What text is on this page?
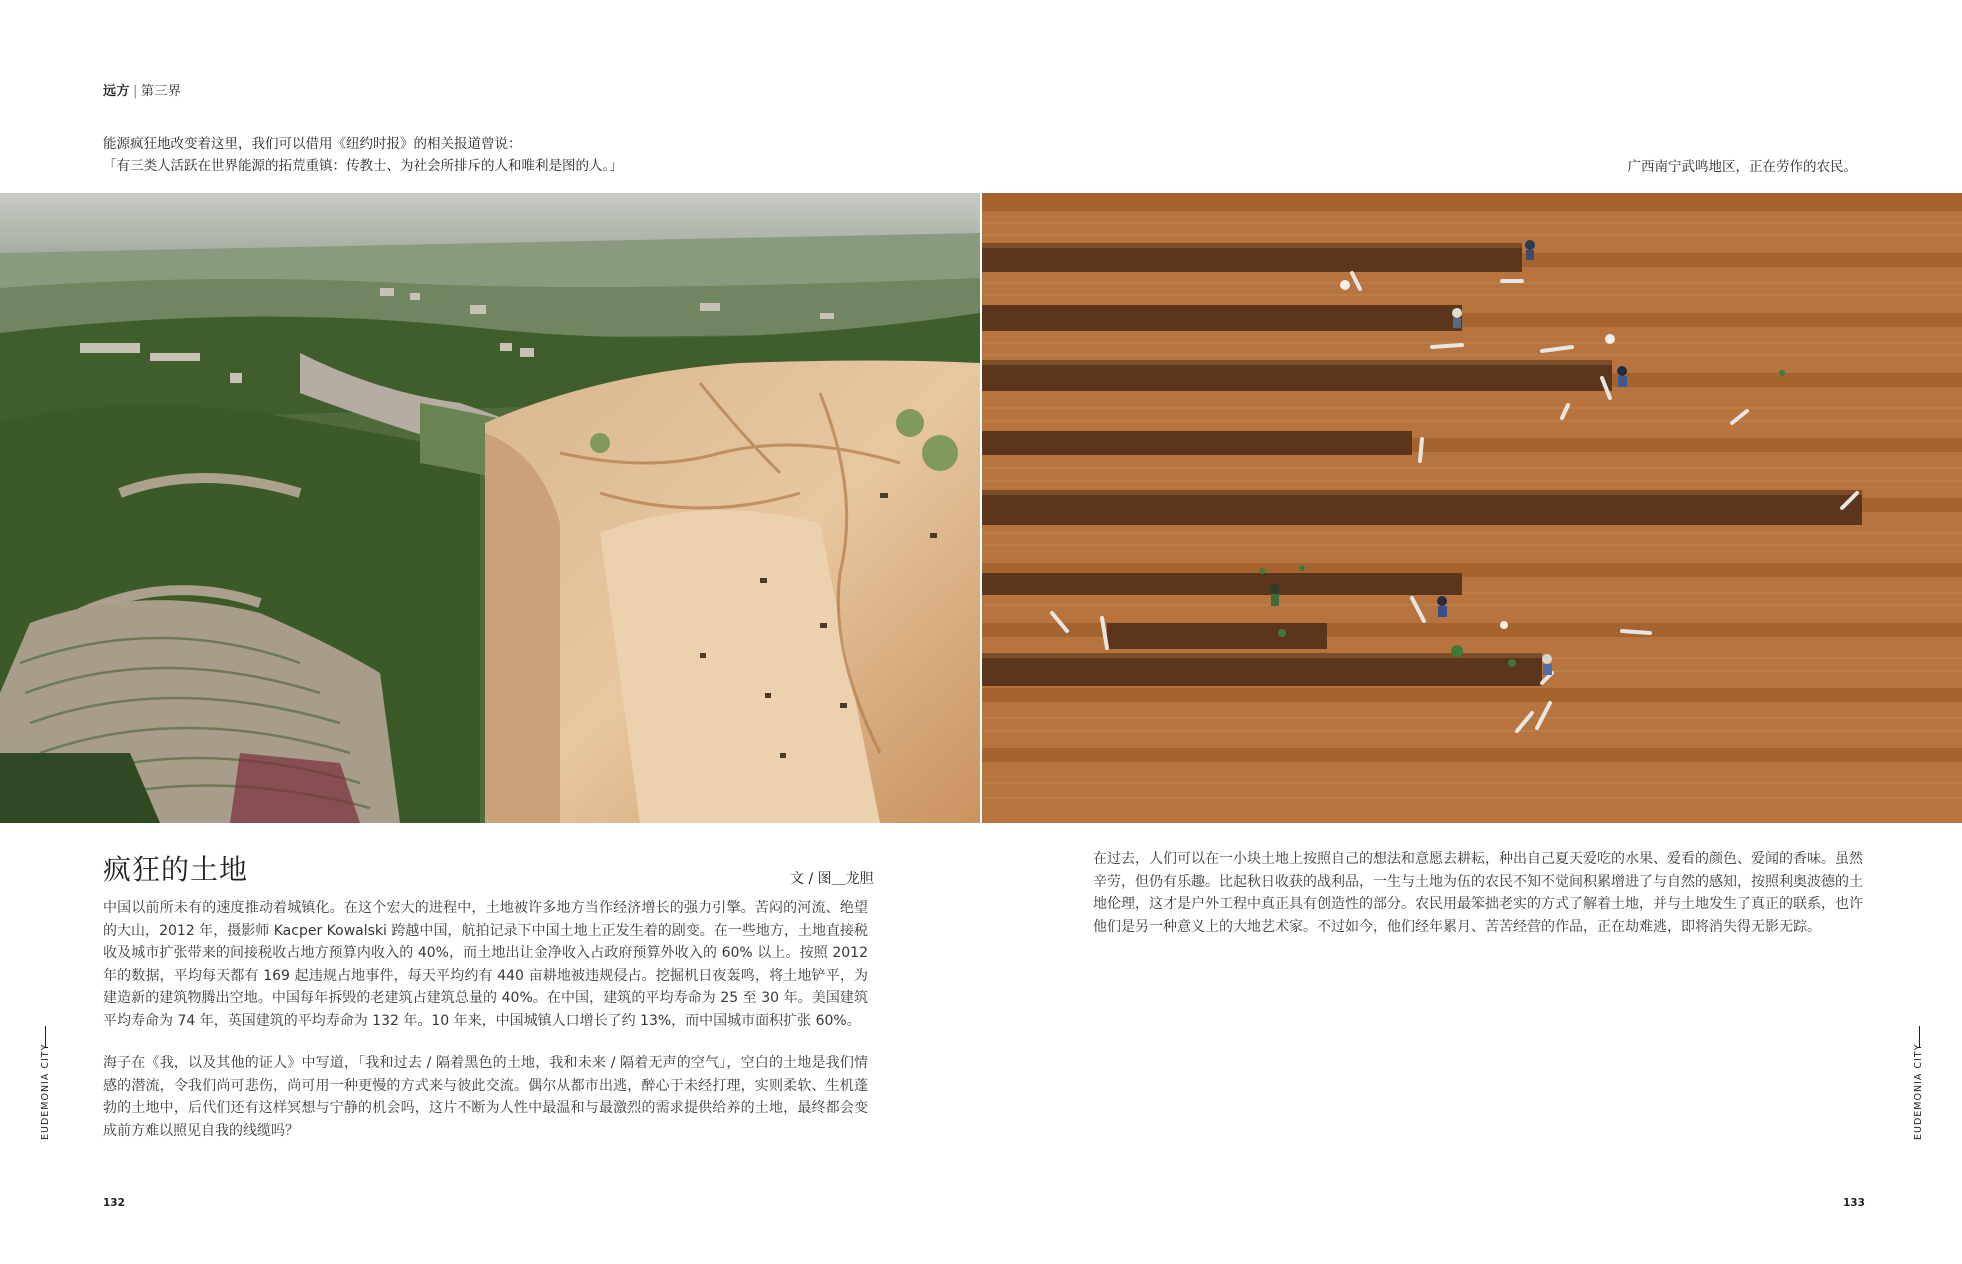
远方 | 第三界
能源疯狂地改变着这里，我们可以借用《纽约时报》的相关报道曾说：
「有三类人活跃在世界能源的拓荒重镇：传教士、为社会所排斥的人和唯利是图的人。」	广西南宁武鸣地区，正在劳作的农民。
疯狂的土地	文 / 图＿龙胆
中国以前所未有的速度推动着城镇化。在这个宏大的进程中，土地被许多地方当作经济增长的强力引擎。苦闷的河流、绝望的大山，2012 年，摄影师 Kacper Kowalski 跨越中国，航拍记录下中国土地上正发生着的剧变。在一些地方，土地直接税收及城市扩张带来的间接税收占地方预算内收入的 40%，而土地出让金净收入占政府预算外收入的 60% 以上。按照 2012 年的数据，平均每天都有 169 起违规占地事件，每天平均约有 440 亩耕地被违规侵占。挖掘机日夜轰鸣，将土地铲平，为建造新的建筑物腾出空地。中国每年拆毁的老建筑占建筑总量的 40%。在中国，建筑的平均寿命为 25 至 30 年。美国建筑平均寿命为 74 年，英国建筑的平均寿命为 132 年。10 年来，中国城镇人口增长了约 13%，而中国城市面积扩张 60%。
海子在《我，以及其他的证人》中写道，「我和过去 / 隔着黑色的土地，我和未来 / 隔着无声的空气」，空白的土地是我们情感的潜流，令我们尚可悲伤，尚可用一种更慢的方式来与彼此交流。偶尔从都市出逃，醉心于未经打理，实则柔软、生机蓬勃的土地中，后代们还有这样冥想与宁静的机会吗，这片不断为人性中最温和与最激烈的需求提供给养的土地，最终都会变成前方难以照见自我的线缆吗？
在过去，人们可以在一小块土地上按照自己的想法和意愿去耕耘，种出自己夏天爱吃的水果、爱看的颜色、爱闻的香味。虽然辛劳，但仍有乐趣。比起秋日收获的战利品，一生与土地为伍的农民不知不觉间积累增进了与自然的感知，按照利奥波德的土地伦理，这才是户外工程中真正具有创造性的部分。农民用最笨拙老实的方式了解着土地，并与土地发生了真正的联系，也许他们是另一种意义上的大地艺术家。不过如今，他们经年累月、苦苦经营的作品，正在劫难逃，即将消失得无影无踪。
EUDEMONIA CITY	EUDEMONIA CITY
132	133
